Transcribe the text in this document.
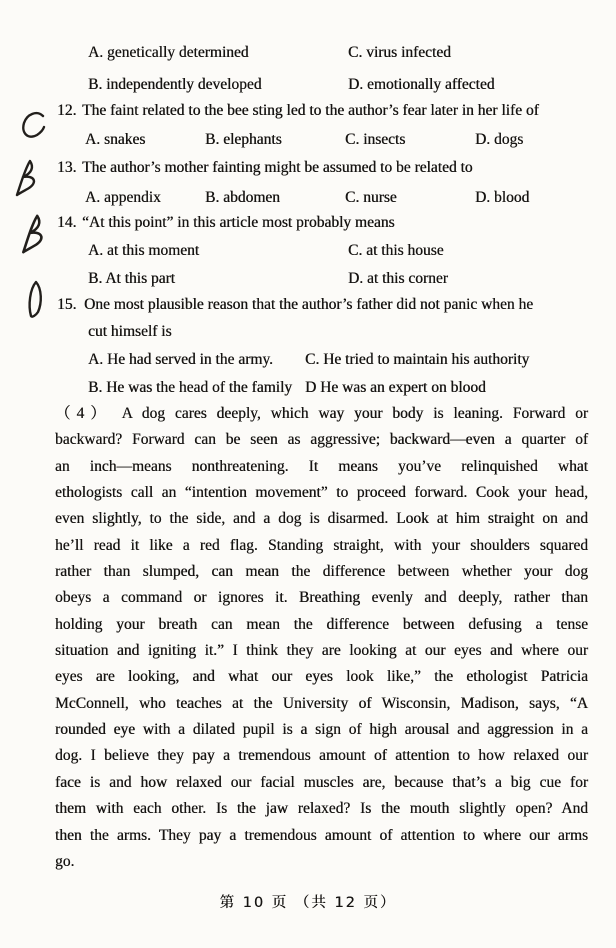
A. genetically determined	C. virus infected
B. independently developed	D. emotionally affected
12. The faint related to the bee sting led to the author’s fear later in her life of
A. snakes	B. elephants	C. insects	D. dogs
13. The author’s mother fainting might be assumed to be related to
A. appendix	B. abdomen	C. nurse	D. blood
14. “At this point” in this article most probably means
A. at this moment	C. at this house
B. At this part	D. at this corner
15. One most plausible reason that the author’s father did not panic when he
cut himself is
A. He had served in the army. C. He tried to maintain his authority
B. He was the head of the family D He was an expert on blood
（4） A dog cares deeply, which way your body is leaning. Forward or
backward? Forward can be seen as aggressive; backward—even a quarter of
an inch—means nonthreatening. It means you’ve relinquished what
ethologists call an “intention movement” to proceed forward. Cook your head,
even slightly, to the side, and a dog is disarmed. Look at him straight on and
he’ll read it like a red flag. Standing straight, with your shoulders squared
rather than slumped, can mean the difference between whether your dog
obeys a command or ignores it. Breathing evenly and deeply, rather than
holding your breath can mean the difference between defusing a tense
situation and igniting it.” I think they are looking at our eyes and where our
eyes are looking, and what our eyes look like,” the ethologist Patricia
McConnell, who teaches at the University of Wisconsin, Madison, says, “A
rounded eye with a dilated pupil is a sign of high arousal and aggression in a
dog. I believe they pay a tremendous amount of attention to how relaxed our
face is and how relaxed our facial muscles are, because that’s a big cue for
them with each other. Is the jaw relaxed? Is the mouth slightly open? And
then the arms. They pay a tremendous amount of attention to where our arms
go.
第 10 页 （共 12 页）
